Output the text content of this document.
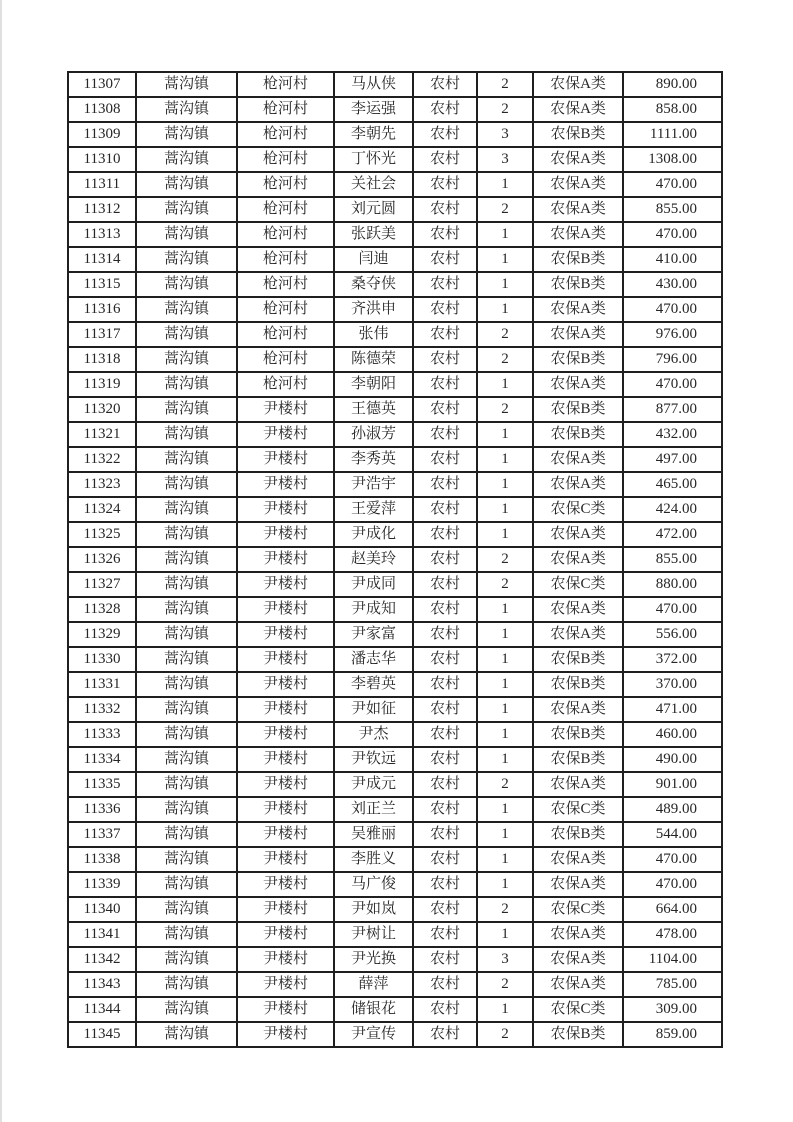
11307	蒿沟镇	枪河村	马从侠	农村	2	农保A类	890.00
11308	蒿沟镇	枪河村	李运强	农村	2	农保A类	858.00
11309	蒿沟镇	枪河村	李朝先	农村	3	农保B类	1111.00
11310	蒿沟镇	枪河村	丁怀光	农村	3	农保A类	1308.00
11311	蒿沟镇	枪河村	关社会	农村	1	农保A类	470.00
11312	蒿沟镇	枪河村	刘元圆	农村	2	农保A类	855.00
11313	蒿沟镇	枪河村	张跃美	农村	1	农保A类	470.00
11314	蒿沟镇	枪河村	闫迪	农村	1	农保B类	410.00
11315	蒿沟镇	枪河村	桑夺侠	农村	1	农保B类	430.00
11316	蒿沟镇	枪河村	齐洪申	农村	1	农保A类	470.00
11317	蒿沟镇	枪河村	张伟	农村	2	农保A类	976.00
11318	蒿沟镇	枪河村	陈德荣	农村	2	农保B类	796.00
11319	蒿沟镇	枪河村	李朝阳	农村	1	农保A类	470.00
11320	蒿沟镇	尹楼村	王德英	农村	2	农保B类	877.00
11321	蒿沟镇	尹楼村	孙淑芳	农村	1	农保B类	432.00
11322	蒿沟镇	尹楼村	李秀英	农村	1	农保A类	497.00
11323	蒿沟镇	尹楼村	尹浩宇	农村	1	农保A类	465.00
11324	蒿沟镇	尹楼村	王爱萍	农村	1	农保C类	424.00
11325	蒿沟镇	尹楼村	尹成化	农村	1	农保A类	472.00
11326	蒿沟镇	尹楼村	赵美玲	农村	2	农保A类	855.00
11327	蒿沟镇	尹楼村	尹成同	农村	2	农保C类	880.00
11328	蒿沟镇	尹楼村	尹成知	农村	1	农保A类	470.00
11329	蒿沟镇	尹楼村	尹家富	农村	1	农保A类	556.00
11330	蒿沟镇	尹楼村	潘志华	农村	1	农保B类	372.00
11331	蒿沟镇	尹楼村	李碧英	农村	1	农保B类	370.00
11332	蒿沟镇	尹楼村	尹如征	农村	1	农保A类	471.00
11333	蒿沟镇	尹楼村	尹杰	农村	1	农保B类	460.00
11334	蒿沟镇	尹楼村	尹钦远	农村	1	农保B类	490.00
11335	蒿沟镇	尹楼村	尹成元	农村	2	农保A类	901.00
11336	蒿沟镇	尹楼村	刘正兰	农村	1	农保C类	489.00
11337	蒿沟镇	尹楼村	吴雅丽	农村	1	农保B类	544.00
11338	蒿沟镇	尹楼村	李胜义	农村	1	农保A类	470.00
11339	蒿沟镇	尹楼村	马广俊	农村	1	农保A类	470.00
11340	蒿沟镇	尹楼村	尹如岚	农村	2	农保C类	664.00
11341	蒿沟镇	尹楼村	尹树让	农村	1	农保A类	478.00
11342	蒿沟镇	尹楼村	尹光换	农村	3	农保A类	1104.00
11343	蒿沟镇	尹楼村	薛萍	农村	2	农保A类	785.00
11344	蒿沟镇	尹楼村	储银花	农村	1	农保C类	309.00
11345	蒿沟镇	尹楼村	尹宣传	农村	2	农保B类	859.00
